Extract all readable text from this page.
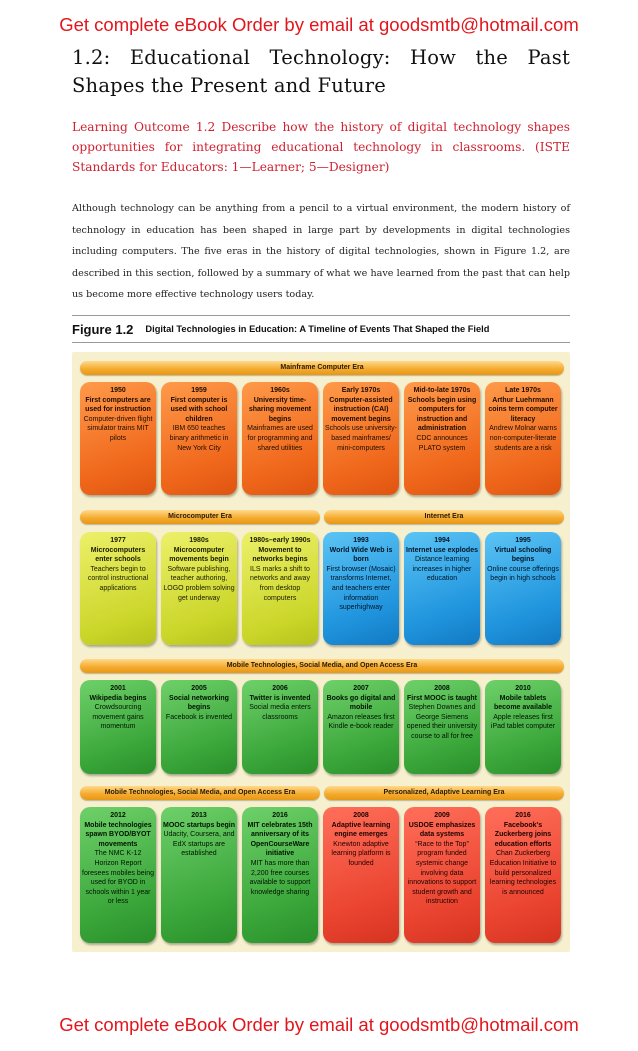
Get complete eBook Order by email at goodsmtb@hotmail.com
1.2: Educational Technology: How the Past Shapes the Present and Future
Learning Outcome 1.2 Describe how the history of digital technology shapes opportunities for integrating educational technology in classrooms. (ISTE Standards for Educators: 1—Learner; 5—Designer)
Although technology can be anything from a pencil to a virtual environment, the modern history of technology in education has been shaped in large part by developments in digital technologies including computers. The five eras in the history of digital technologies, shown in Figure 1.2, are described in this section, followed by a summary of what we have learned from the past that can help us become more effective technology users today.
Figure 1.2 Digital Technologies in Education: A Timeline of Events That Shaped the Field
Mainframe Computer Era
Microcomputer Era	Internet Era
Mobile Technologies, Social Media, and Open Access Era
Mobile Technologies, Social Media, and Open Access Era	Personalized, Adaptive Learning Era
1950
First computers are used for instruction
Computer-driven flight simulator trains MIT pilots
1959
First computer is used with school children
IBM 650 teaches binary arithmetic in New York City
1960s
University time-sharing movement begins
Mainframes are used for programming and shared utilities
Early 1970s
Computer-assisted instruction (CAI) movement begins
Schools use university-based mainframes/ mini-computers
Mid-to-late 1970s
Schools begin using computers for instruction and administration
CDC announces PLATO system
Late 1970s
Arthur Luehrmann coins term computer literacy
Andrew Molnar warns non-computer-literate students are a risk
1977
Microcomputers enter schools
Teachers begin to control instructional applications
1980s
Microcomputer movements begin
Software publishing, teacher authoring, LOGO problem solving get underway
1980s–early 1990s
Movement to networks begins
ILS marks a shift to networks and away from desktop computers
1993
World Wide Web is born
First browser (Mosaic) transforms Internet, and teachers enter information superhighway
1994
Internet use explodes
Distance learning increases in higher education
1995
Virtual schooling begins
Online course offerings begin in high schools
2001
Wikipedia begins
Crowdsourcing movement gains momentum
2005
Social networking begins
Facebook is invented
2006
Twitter is invented
Social media enters classrooms
2007
Books go digital and mobile
Amazon releases first Kindle e-book reader
2008
First MOOC is taught
Stephen Downes and George Siemens opened their university course to all for free
2010
Mobile tablets become available
Apple releases first iPad tablet computer
2012
Mobile technologies spawn BYOD/BYOT movements
The NMC K-12 Horizon Report foresees mobiles being used for BYOD in schools within 1 year or less
2013
MOOC startups begin
Udacity, Coursera, and EdX startups are established
2016
MIT celebrates 15th anniversary of its OpenCourseWare initiative
MIT has more than 2,200 free courses available to support knowledge sharing
2008
Adaptive learning engine emerges
Knewton adaptive learning platform is founded
2009
USDOE emphasizes data systems
“Race to the Top” program funded systemic change involving data innovations to support student growth and instruction
2016
Facebook's Zuckerberg joins education efforts
Chan Zuckerberg Education Initiative to build personalized learning technologies is announced
Get complete eBook Order by email at goodsmtb@hotmail.com
